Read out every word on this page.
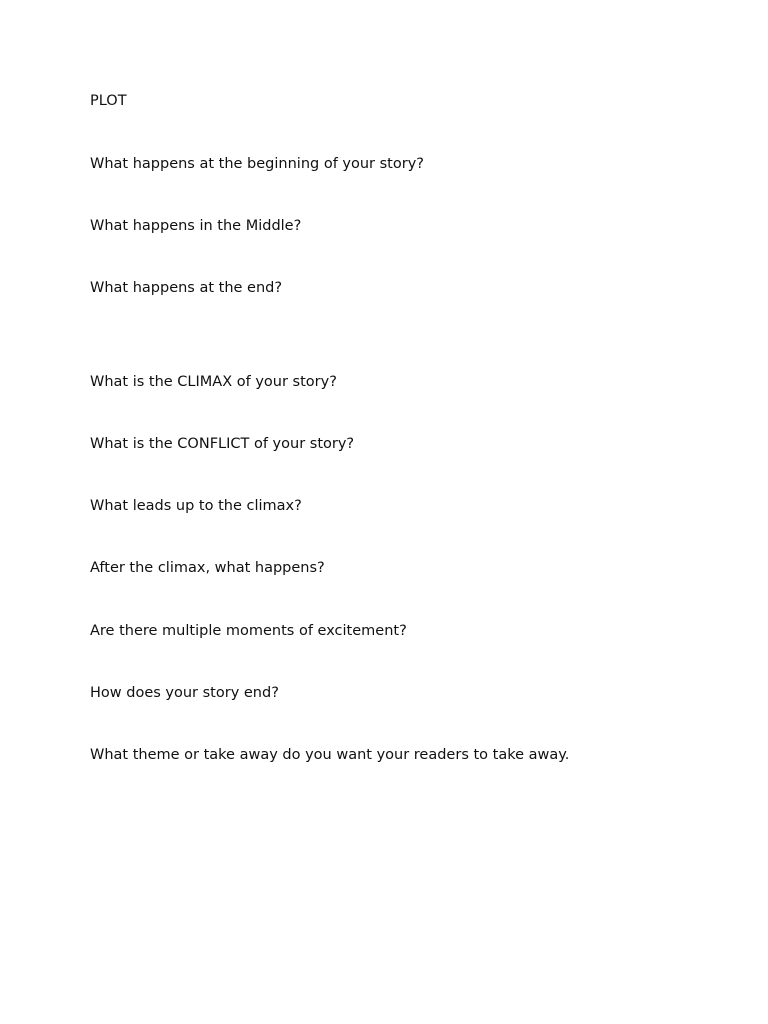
PLOT
What happens at the beginning of your story?
What happens in the Middle?
What happens at the end?
What is the CLIMAX of your story?
What is the CONFLICT of your story?
What leads up to the climax?
After the climax, what happens?
Are there multiple moments of excitement?
How does your story end?
What theme or take away do you want your readers to take away.
